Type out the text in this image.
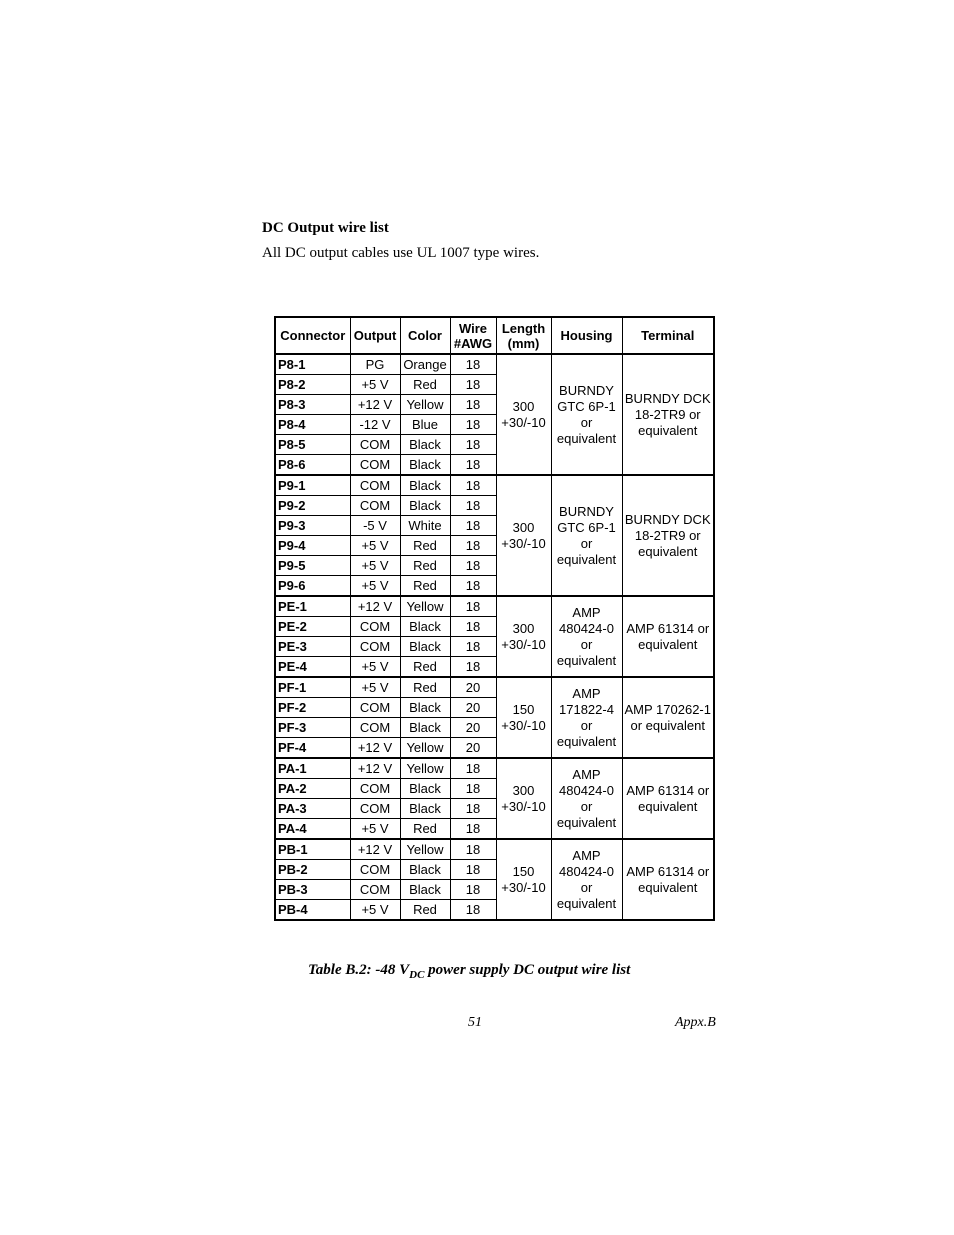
DC Output wire list
All DC output cables use UL 1007 type wires.
Connector	Output	Color	Wire #AWG	Length (mm)	Housing	Terminal
P8-1	PG	Orange	18	300 +30/-10	BURNDY GTC 6P-1 or equivalent	BURNDY DCK 18-2TR9 or equivalent
P8-2	+5 V	Red	18			
P8-3	+12 V	Yellow	18			
P8-4	-12 V	Blue	18			
P8-5	COM	Black	18			
P8-6	COM	Black	18			
P9-1	COM	Black	18	300 +30/-10	BURNDY GTC 6P-1 or equivalent	BURNDY DCK 18-2TR9 or equivalent
P9-2	COM	Black	18			
P9-3	-5 V	White	18			
P9-4	+5 V	Red	18			
P9-5	+5 V	Red	18			
P9-6	+5 V	Red	18			
PE-1	+12 V	Yellow	18	300 +30/-10	AMP 480424-0 or equivalent	AMP 61314 or equivalent
PE-2	COM	Black	18			
PE-3	COM	Black	18			
PE-4	+5 V	Red	18			
PF-1	+5 V	Red	20	150 +30/-10	AMP 171822-4 or equivalent	AMP 170262-1 or equivalent
PF-2	COM	Black	20			
PF-3	COM	Black	20			
PF-4	+12 V	Yellow	20			
PA-1	+12 V	Yellow	18	300 +30/-10	AMP 480424-0 or equivalent	AMP 61314 or equivalent
PA-2	COM	Black	18			
PA-3	COM	Black	18			
PA-4	+5 V	Red	18			
PB-1	+12 V	Yellow	18	150 +30/-10	AMP 480424-0 or equivalent	AMP 61314 or equivalent
PB-2	COM	Black	18			
PB-3	COM	Black	18			
PB-4	+5 V	Red	18			
Table B.2: -48 $V_{DC}$ power supply DC output wire list
51	Appx.B
